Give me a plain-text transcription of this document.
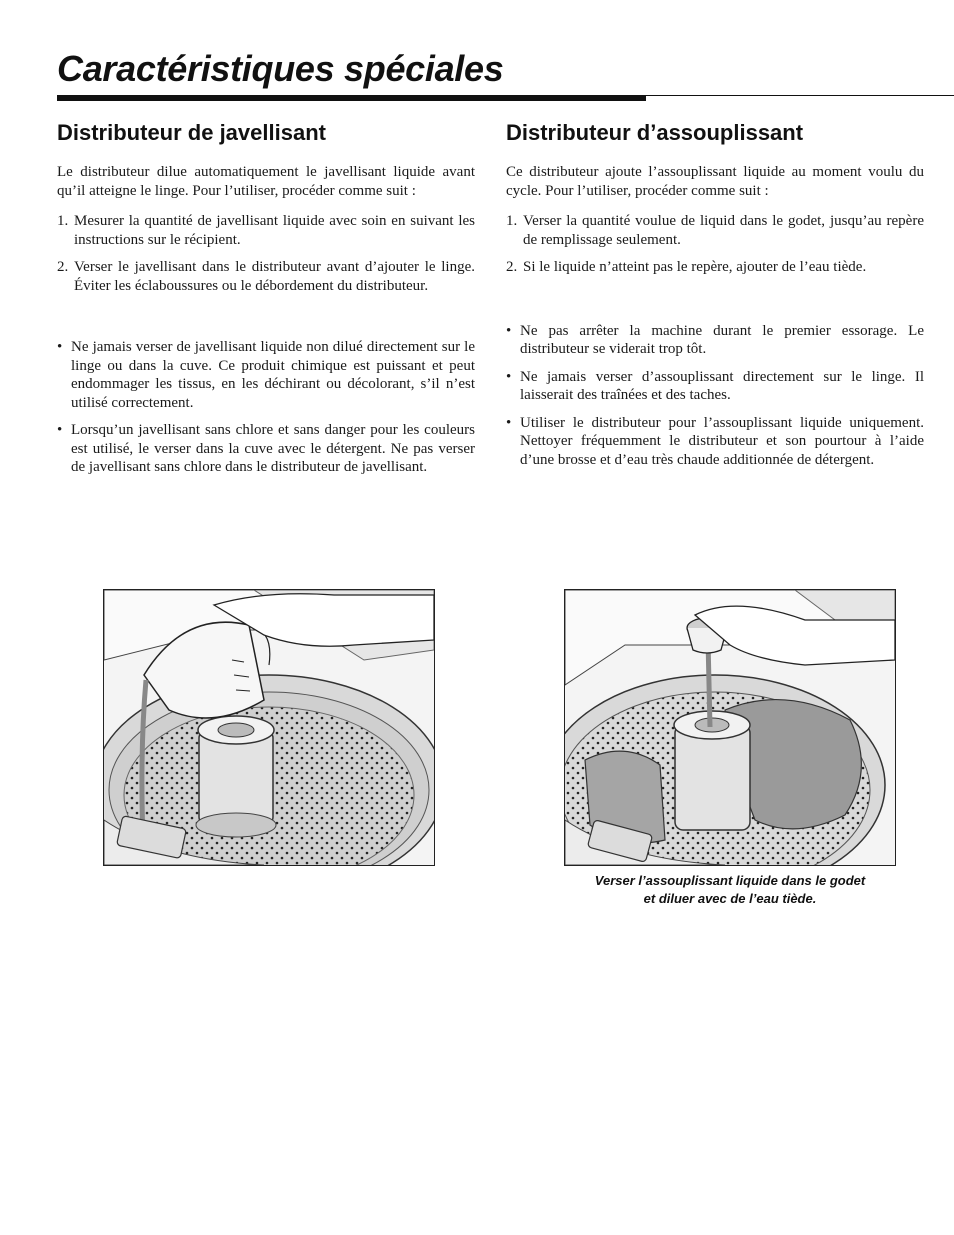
Caractéristiques spéciales
Distributeur de javellisant

Le distributeur dilue automatiquement le javellisant liquide avant qu’il atteigne le linge. Pour l’utiliser, procéder comme suit :

1. Mesurer la quantité de javellisant liquide avec soin en suivant les instructions sur le récipient.
2. Verser le javellisant dans le distributeur avant d’ajouter le linge. Éviter les éclaboussures ou le débordement du distributeur.
• Ne jamais verser de javellisant liquide non dilué directement sur le linge ou dans la cuve. Ce produit chimique est puissant et peut endommager les tissus, en les déchirant ou décolorant, s’il n’est utilisé correctement.
• Lorsqu’un javellisant sans chlore et sans danger pour les couleurs est utilisé, le verser dans la cuve avec le détergent. Ne pas verser de javellisant sans chlore dans le distributeur de javellisant.
Distributeur d’assouplissant

Ce distributeur ajoute l’assouplissant liquide au moment voulu du cycle. Pour l’utiliser, procéder comme suit :

1. Verser la quantité voulue de liquid dans le godet, jusqu’au repère de remplissage seulement.
2. Si le liquide n’atteint pas le repère, ajouter de l’eau tiède.
• Ne pas arrêter la machine durant le premier essorage. Le distributeur se viderait trop tôt.
• Ne jamais verser d’assouplissant directement sur le linge. Il laisserait des traînées et des taches.
• Utiliser le distributeur pour l’assouplissant liquide uniquement. Nettoyer fréquemment le distributeur et son pourtour à l’aide d’une brosse et d’eau très chaude additionnée de détergent.
Verser l’assouplissant liquide dans le godet
et diluer avec de l’eau tiède.
